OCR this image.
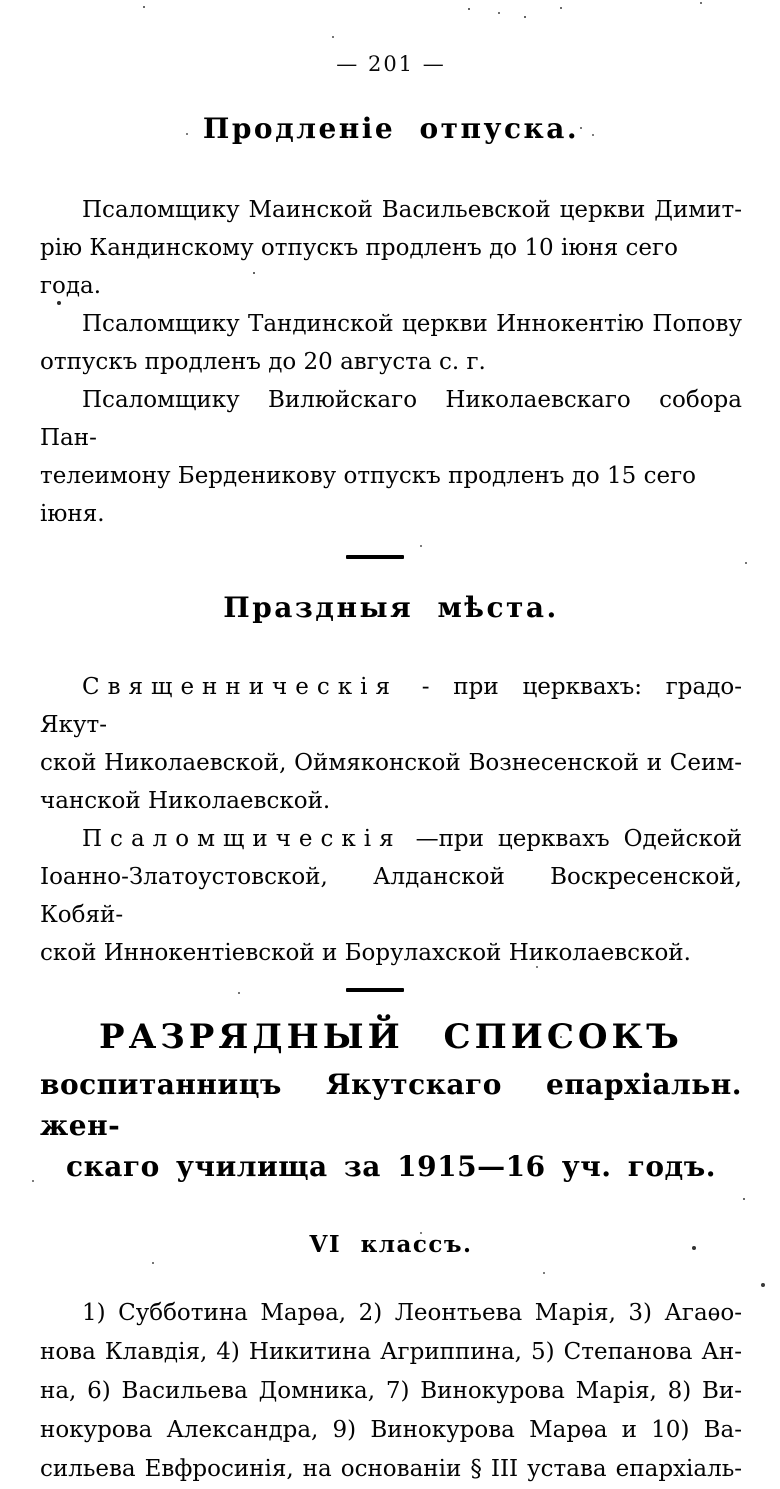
— 201 —
Продленіе отпуска.
Псаломщику Маинской Васильевской церкви Димит-
рію Кандинскому отпускъ продленъ до 10 іюня сего года.
Псаломщику Тандинской церкви Иннокентію Попову
отпускъ продленъ до 20 августа с. г.
Псаломщику Вилюйскаго Николаевскаго собора Пан-
телеимону Берденикову отпускъ продленъ до 15 сего іюня.
Праздныя мѣста.
Священническія - при церквахъ: градо-Якут-
ской Николаевской, Оймяконской Вознесенской и Сеим-
чанской Николаевской.
Псаломщическія —при церквахъ Одейской
Іоанно-Златоустовской, Алданской Воскресенской, Кобяй-
ской Иннокентіевской и Борулахской Николаевской.
РАЗРЯДНЫЙ СПИСОКЪ
воспитанницъ Якутскаго епархіальн. жен-
скаго училища за 1915—16 уч. годъ.
VI классъ.
1) Субботина Марѳа, 2) Леонтьева Марія, 3) Агаѳо-
нова Клавдія, 4) Никитина Агриппина, 5) Степанова Ан-
на, 6) Васильева Домника, 7) Винокурова Марія, 8) Ви-
нокурова Александра, 9) Винокурова Марѳа и 10) Ва-
сильева Евфросинія, на основаніи § III устава епархіаль-
